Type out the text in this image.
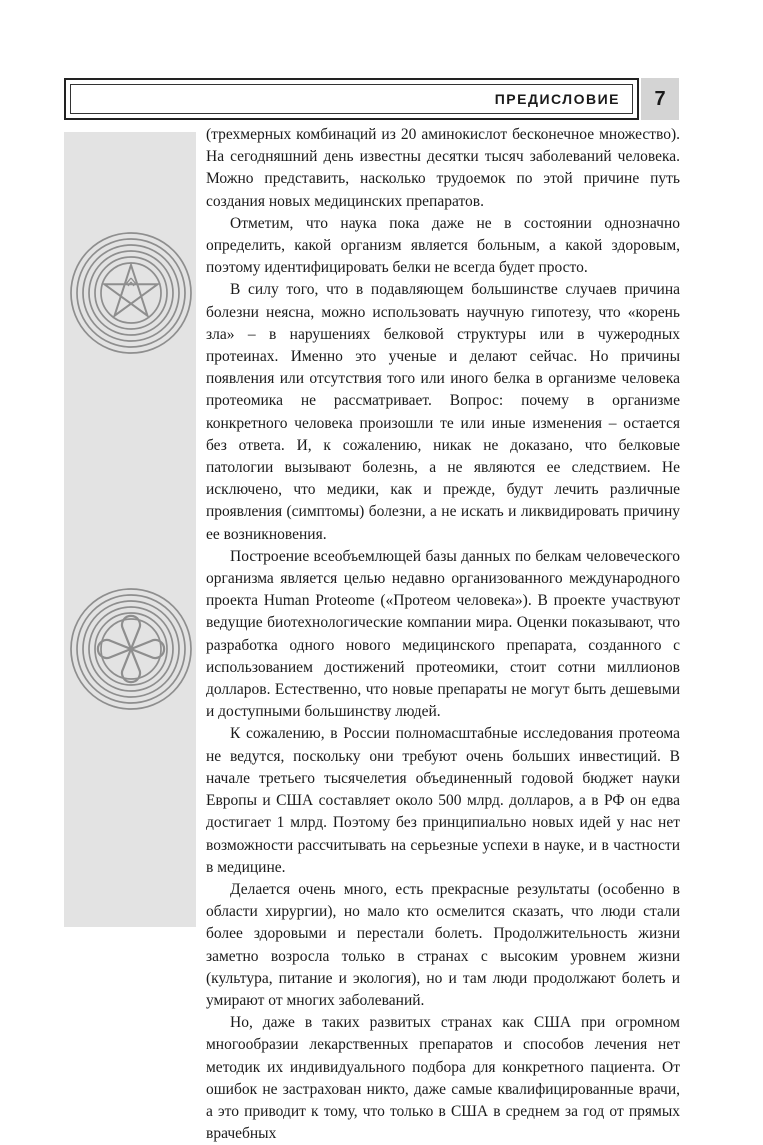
ПРЕДИСЛОВИЕ	7

(трехмерных комбинаций из 20 аминокислот бесконечное множество). На сегодняшний день известны десятки тысяч заболеваний человека. Можно представить, насколько трудоемок по этой причине путь создания новых медицинских препаратов.

Отметим, что наука пока даже не в состоянии однозначно определить, какой организм является больным, а какой здоровым, поэтому идентифицировать белки не всегда будет просто.

В силу того, что в подавляющем большинстве случаев причина болезни неясна, можно использовать научную гипотезу, что «корень зла» – в нарушениях белковой структуры или в чужеродных протеинах. Именно это ученые и делают сейчас. Но причины появления или отсутствия того или иного белка в организме человека протеомика не рассматривает. Вопрос: почему в организме конкретного человека произошли те или иные изменения – остается без ответа. И, к сожалению, никак не доказано, что белковые патологии вызывают болезнь, а не являются ее следствием. Не исключено, что медики, как и прежде, будут лечить различные проявления (симптомы) болезни, а не искать и ликвидировать причину ее возникновения.

Построение всеобъемлющей базы данных по белкам человеческого организма является целью недавно организованного международного проекта Human Proteome («Протеом человека»). В проекте участвуют ведущие биотехнологические компании мира. Оценки показывают, что разработка одного нового медицинского препарата, созданного с использованием достижений протеомики, стоит сотни миллионов долларов. Естественно, что новые препараты не могут быть дешевыми и доступными большинству людей.

К сожалению, в России полномасштабные исследования протеома не ведутся, поскольку они требуют очень больших инвестиций. В начале третьего тысячелетия объединенный годовой бюджет науки Европы и США составляет около 500 млрд. долларов, а в РФ он едва достигает 1 млрд. Поэтому без принципиально новых идей у нас нет возможности рассчитывать на серьезные успехи в науке, и в частности в медицине.

Делается очень много, есть прекрасные результаты (особенно в области хирургии), но мало кто осмелится сказать, что люди стали более здоровыми и перестали болеть. Продолжительность жизни заметно возросла только в странах с высоким уровнем жизни (культура, питание и экология), но и там люди продолжают болеть и умирают от многих заболеваний.

Но, даже в таких развитых странах как США при огромном многообразии лекарственных препаратов и способов лечения нет методик их индивидуального подбора для конкретного пациента. От ошибок не застрахован никто, даже самые квалифицированные врачи, а это приводит к тому, что только в США в среднем за год от прямых врачебных
